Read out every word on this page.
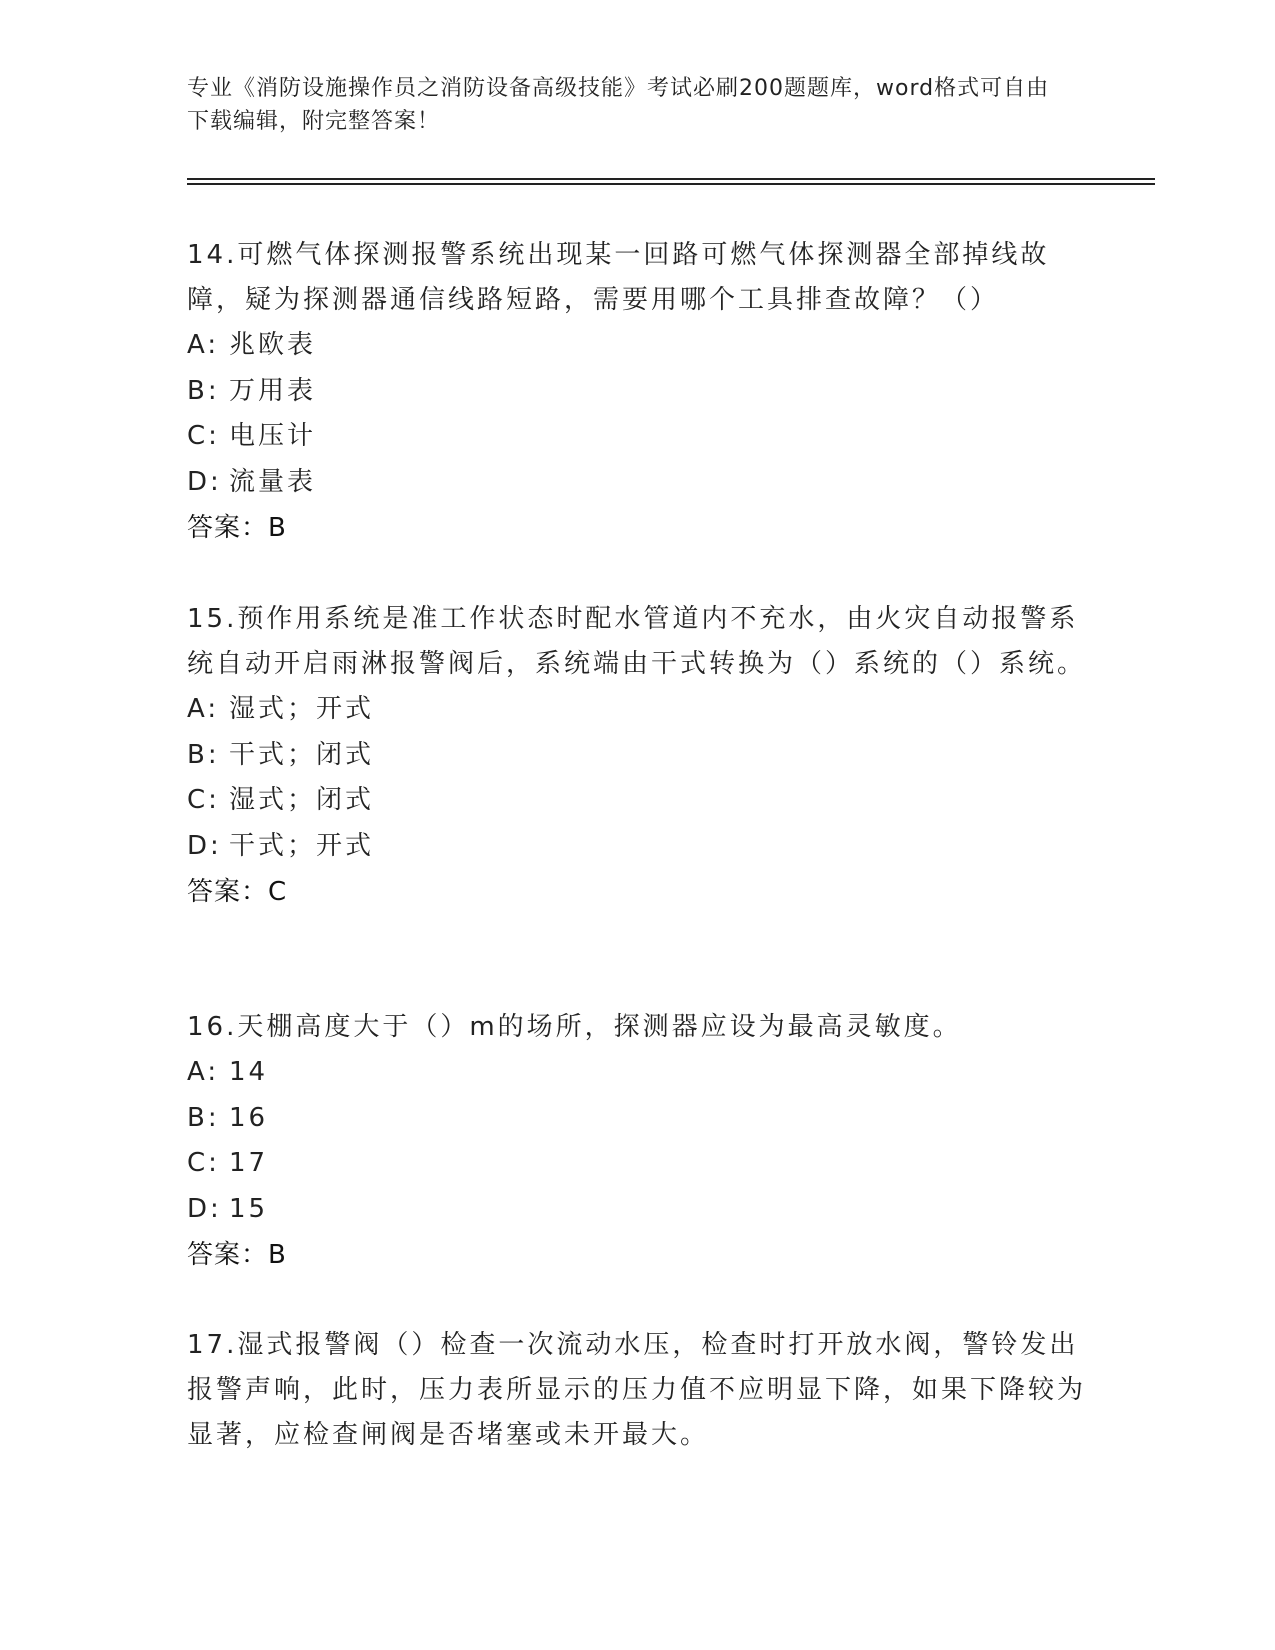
专业《消防设施操作员之消防设备高级技能》考试必刷200题题库，word格式可自由下载编辑，附完整答案！

14.可燃气体探测报警系统出现某一回路可燃气体探测器全部掉线故障，疑为探测器通信线路短路，需要用哪个工具排查故障？（）

A: 兆欧表
B: 万用表
C: 电压计
D: 流量表
答案：B

15.预作用系统是准工作状态时配水管道内不充水，由火灾自动报警系统自动开启雨淋报警阀后，系统端由干式转换为（）系统的（）系统。

A: 湿式；开式
B: 干式；闭式
C: 湿式；闭式
D: 干式；开式
答案：C

16.天棚高度大于（）m的场所，探测器应设为最高灵敏度。

A: 14
B: 16
C: 17
D: 15
答案：B

17.湿式报警阀（）检查一次流动水压，检查时打开放水阀，警铃发出报警声响，此时，压力表所显示的压力值不应明显下降，如果下降较为显著，应检查闸阀是否堵塞或未开最大。
